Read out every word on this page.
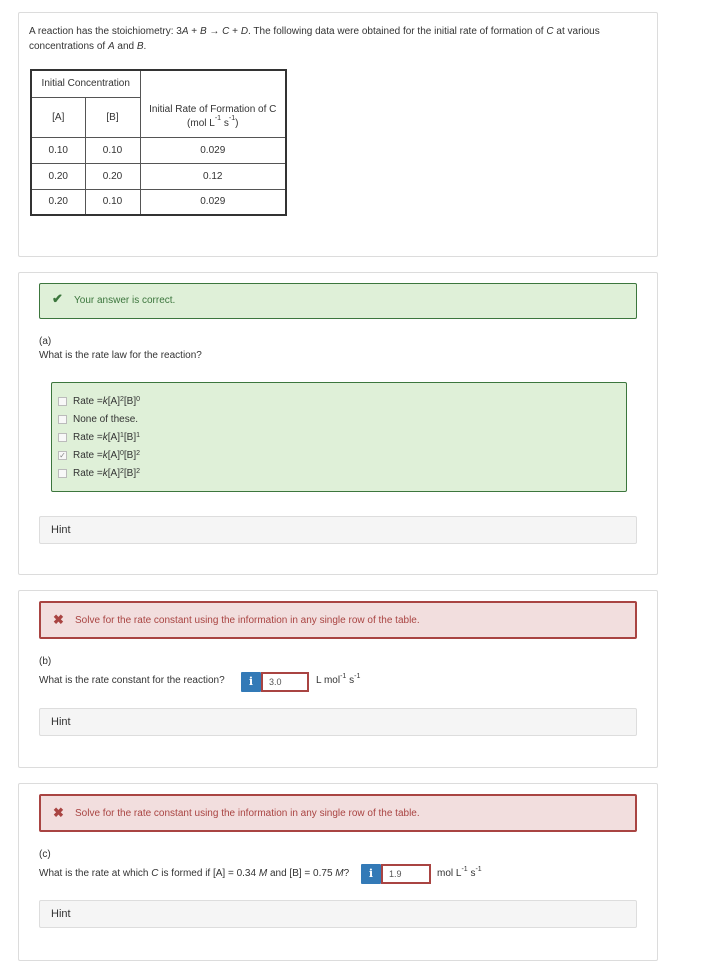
A reaction has the stoichiometry: 3A + B → C + D. The following data were obtained for the initial rate of formation of C at various
concentrations of A and B.
Initial Concentration		
[A]	[B]	Initial Rate of Formation of C
(mol $L^{-1}$ $s^{-1}$)
0.10	0.10	0.029
0.20	0.20	0.12
0.20	0.10	0.029
✔ Your answer is correct.
(a)
What is the rate law for the reaction?
Rate = k $[A]^2$ $[B]^0$
None of these.
Rate = k $[A]^1$ $[B]^1$
✓ Rate = k $[A]^0$ $[B]^2$
Rate = k $[A]^2$ $[B]^2$
Hint
✖ Solve for the rate constant using the information in any single row of the table.
(b)
What is the rate constant for the reaction?	i
3.0	L mol$^{-1}$ $s^{-1}$
Hint
✖ Solve for the rate constant using the information in any single row of the table.
(c)
What is the rate at which C is formed if [A] = 0.34 M and [B] = 0.75 M?	i
1.9	mol $L^{-1}$ $s^{-1}$
Hint
